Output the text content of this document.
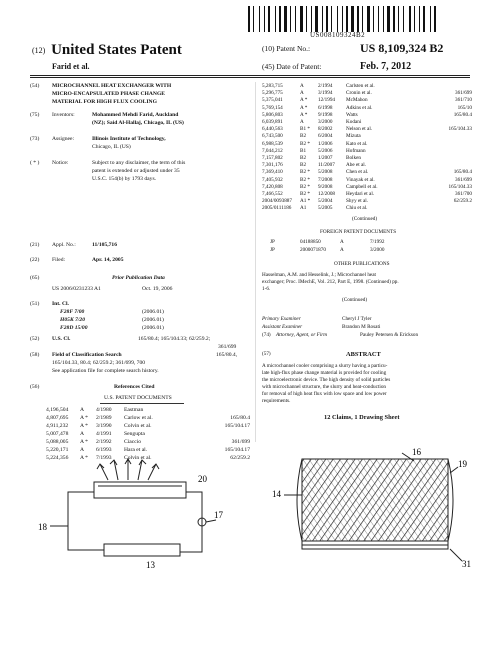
US008109324B2
(12) United States Patent
Farid et al.
(10) Patent No.:	US 8,109,324 B2
(45) Date of Patent:	Feb. 7, 2012
(54) MICROCHANNEL HEAT EXCHANGER WITH
MICRO-ENCAPSULATED PHASE CHANGE
MATERIAL FOR HIGH FLUX COOLING
(75) Inventors:	Mohammed Mehdi Farid, Auckland
(NZ); Said Al-Hallaj, Chicago, IL (US)
(73) Assignee:	Illinois Institute of Technology,
Chicago, IL (US)
( * ) Notice:	Subject to any disclaimer, the term of this
patent is extended or adjusted under 35
U.S.C. 154(b) by 1793 days.
(21) Appl. No.:	11/105,716
(22) Filed:	Apr. 14, 2005
(65)	Prior Publication Data
US 2006/0231233 A1	Oct. 19, 2006
(51) Int. Cl.
F28F 7/00	(2006.01)
H05K 7/20	(2006.01)
F28D 15/00	(2006.01)
(52) U.S. Cl.	165/80.4; 165/104.33; 62/259.2;
361/699
(58) Field of Classification Search	165/80.4,
165/104.33, 80.4; 62/259.2; 361/699, 700
See application file for complete search history.
(56)	References Cited
U.S. PATENT DOCUMENTS
4,196,504 A 4/1980 Eastman
4,807,695 A * 2/1989 Carlow et al.	165/80.4
4,911,232 A * 3/1990 Colvin et al.	165/104.17
5,007,478 A 4/1991 Sengupta
5,088,005 A * 2/1992 Ciaccio	361/699
5,220,171 A 6/1993 Hara et al.	165/104.17
5,224,356 A * 7/1993 Colvin et al.	62/259.2
5,283,715	A	2/1994	Carlsten et al.
5,296,775	A	3/1994	Cronin et al.	361/699
5,375,041	A * 12/1994 McMahon	361/710
5,769,154	A * 6/1998	Adkins et al.	165/10
5,806,803	A * 9/1998	Watts	165/80.4
6,039,891	A	3/2000	Kodani
6,440,563	B1 * 8/2002	Nelson et al.	165/104.33
6,743,500	B2 6/2004	Mizuta
6,988,539	B2 * 1/2006	Kato et al.
7,044,212	B1 5/2006	Hofmann
7,157,802	B2 1/2007	Bolken
7,301,176	B2 11/2007 Abe et al.
7,369,410	B2 * 5/2008	Chen et al.	165/80.4
7,405,932	B2 * 7/2008	Vinayak et al.	361/699
7,420,808	B2 * 9/2008	Campbell et al.	165/104.33
7,466,552	B2 * 12/2008 Heydari et al.	361/700
2004/0093887 A1 * 5/2004	Shyy et al.	62/259.2
2005/0111186 A1 5/2005	Chiu et al.
(Continued)
FOREIGN PATENT DOCUMENTS
JP	04188850	A	7/1992
JP	2000071870	A	3/2000
OTHER PUBLICATIONS
Hasselman, A.M. and Hesselink, J.; Microchannel heat
exchanger; Proc. IMechE, Vol. 212, Part E, 1998. (Continued) pp.
1-6.
(Continued)
Primary Examiner	Cheryl J Tyler
Assistant Examiner	Brandon M Rosati
(74) Attorney, Agent, or Firm	Pauley Petersen & Erickson
(57)	ABSTRACT
A microchannel cooler comprising a slurry having a particu-
late high-flux phase change material is provided for cooling
the microelectronic device. The high density of solid particles
with microchannel structure, the slurry and heat-conduction
for removal of high heat flux with low space and low power
requirements.
12 Claims, 1 Drawing Sheet
20
18
17
13
14
16
19
31
